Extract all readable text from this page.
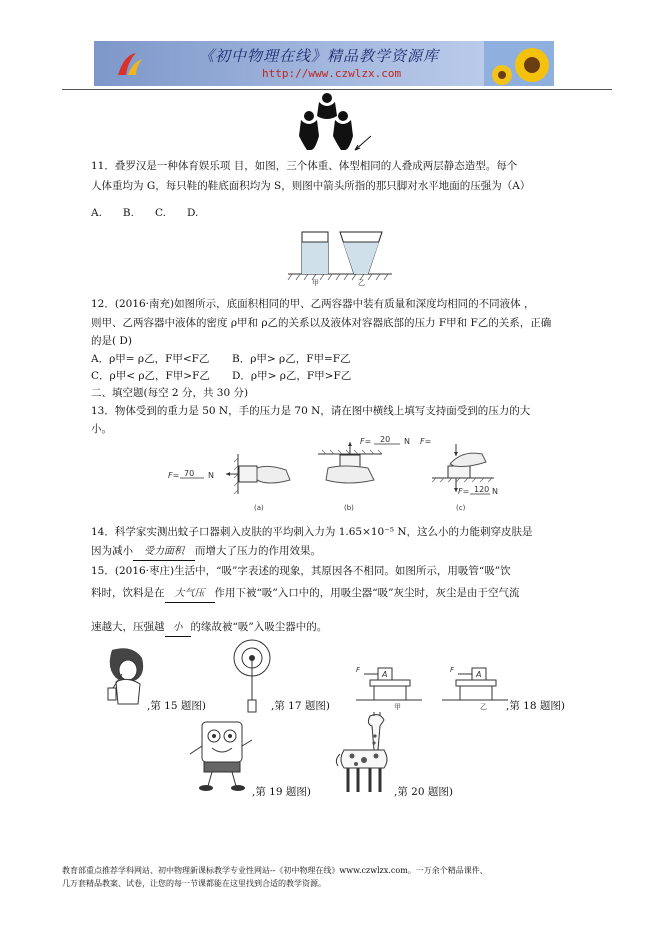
《初中物理在线》精品教学资源库
http://www.czwlzx.com
11．叠罗汉是一种体育娱乐项 目，如图，三个体重、体型相同的人叠成两层静态造型。每个
人体重均为 G，每只鞋的鞋底面积均为 S，则图中箭头所指的那只脚对水平地面的压强为（A）
A.　　B.　　C.　　D.
甲	乙
12．(2016·南充)如图所示，底面积相同的甲、乙两容器中装有质量和深度均相同的不同液体 ，
则甲、乙两容器中液体的密度 ρ甲和 ρ乙的关系以及液体对容器底部的压力 F甲和 F乙的关系，正确
的是( D)
A．ρ甲= ρ乙，F甲<F乙 B．ρ甲> ρ乙，F甲=F乙
C．ρ甲< ρ乙，F甲>F乙 D．ρ甲> ρ乙，F甲>F乙
二、填空题(每空 2 分，共 30 分)
13．物体受到的重力是 50 N，手的压力是 70 N，请在图中横线上填写支持面受到的压力的大
小。
F= 70 N
(a)
F= 20 N
(b)
F=
F= 120 N
(c)
14．科学家实测出蚊子口器刺入皮肤的平均刺入力为 1.65×10⁻⁵ N，这么小的力能刺穿皮肤是
因为减小 受力面积 而增大了压力的作用效果。
15．(2016·枣庄)生活中，“吸”字表述的现象，其原因各不相同。如图所示，用吸管“吸”饮
料时，饮料是在 大气压 作用下被“吸”入口中的，用吸尘器“吸”灰尘时，灰尘是由于空气流
速越大，压强越 小 的缘故被“吸”入吸尘器中的。
,第 15 题图)	,第 17 题图)
A
F
甲
A
F
乙 ,第 18 题图)
,第 19 题图)	,第 20 题图)
教育部重点推荐学科网站、初中物理新课标教学专业性网站--《初中物理在线》www.czwlzx.com。一万余个精品课件、
几万套精品教案、试卷，让您的每一节课都能在这里找到合适的教学资源。
